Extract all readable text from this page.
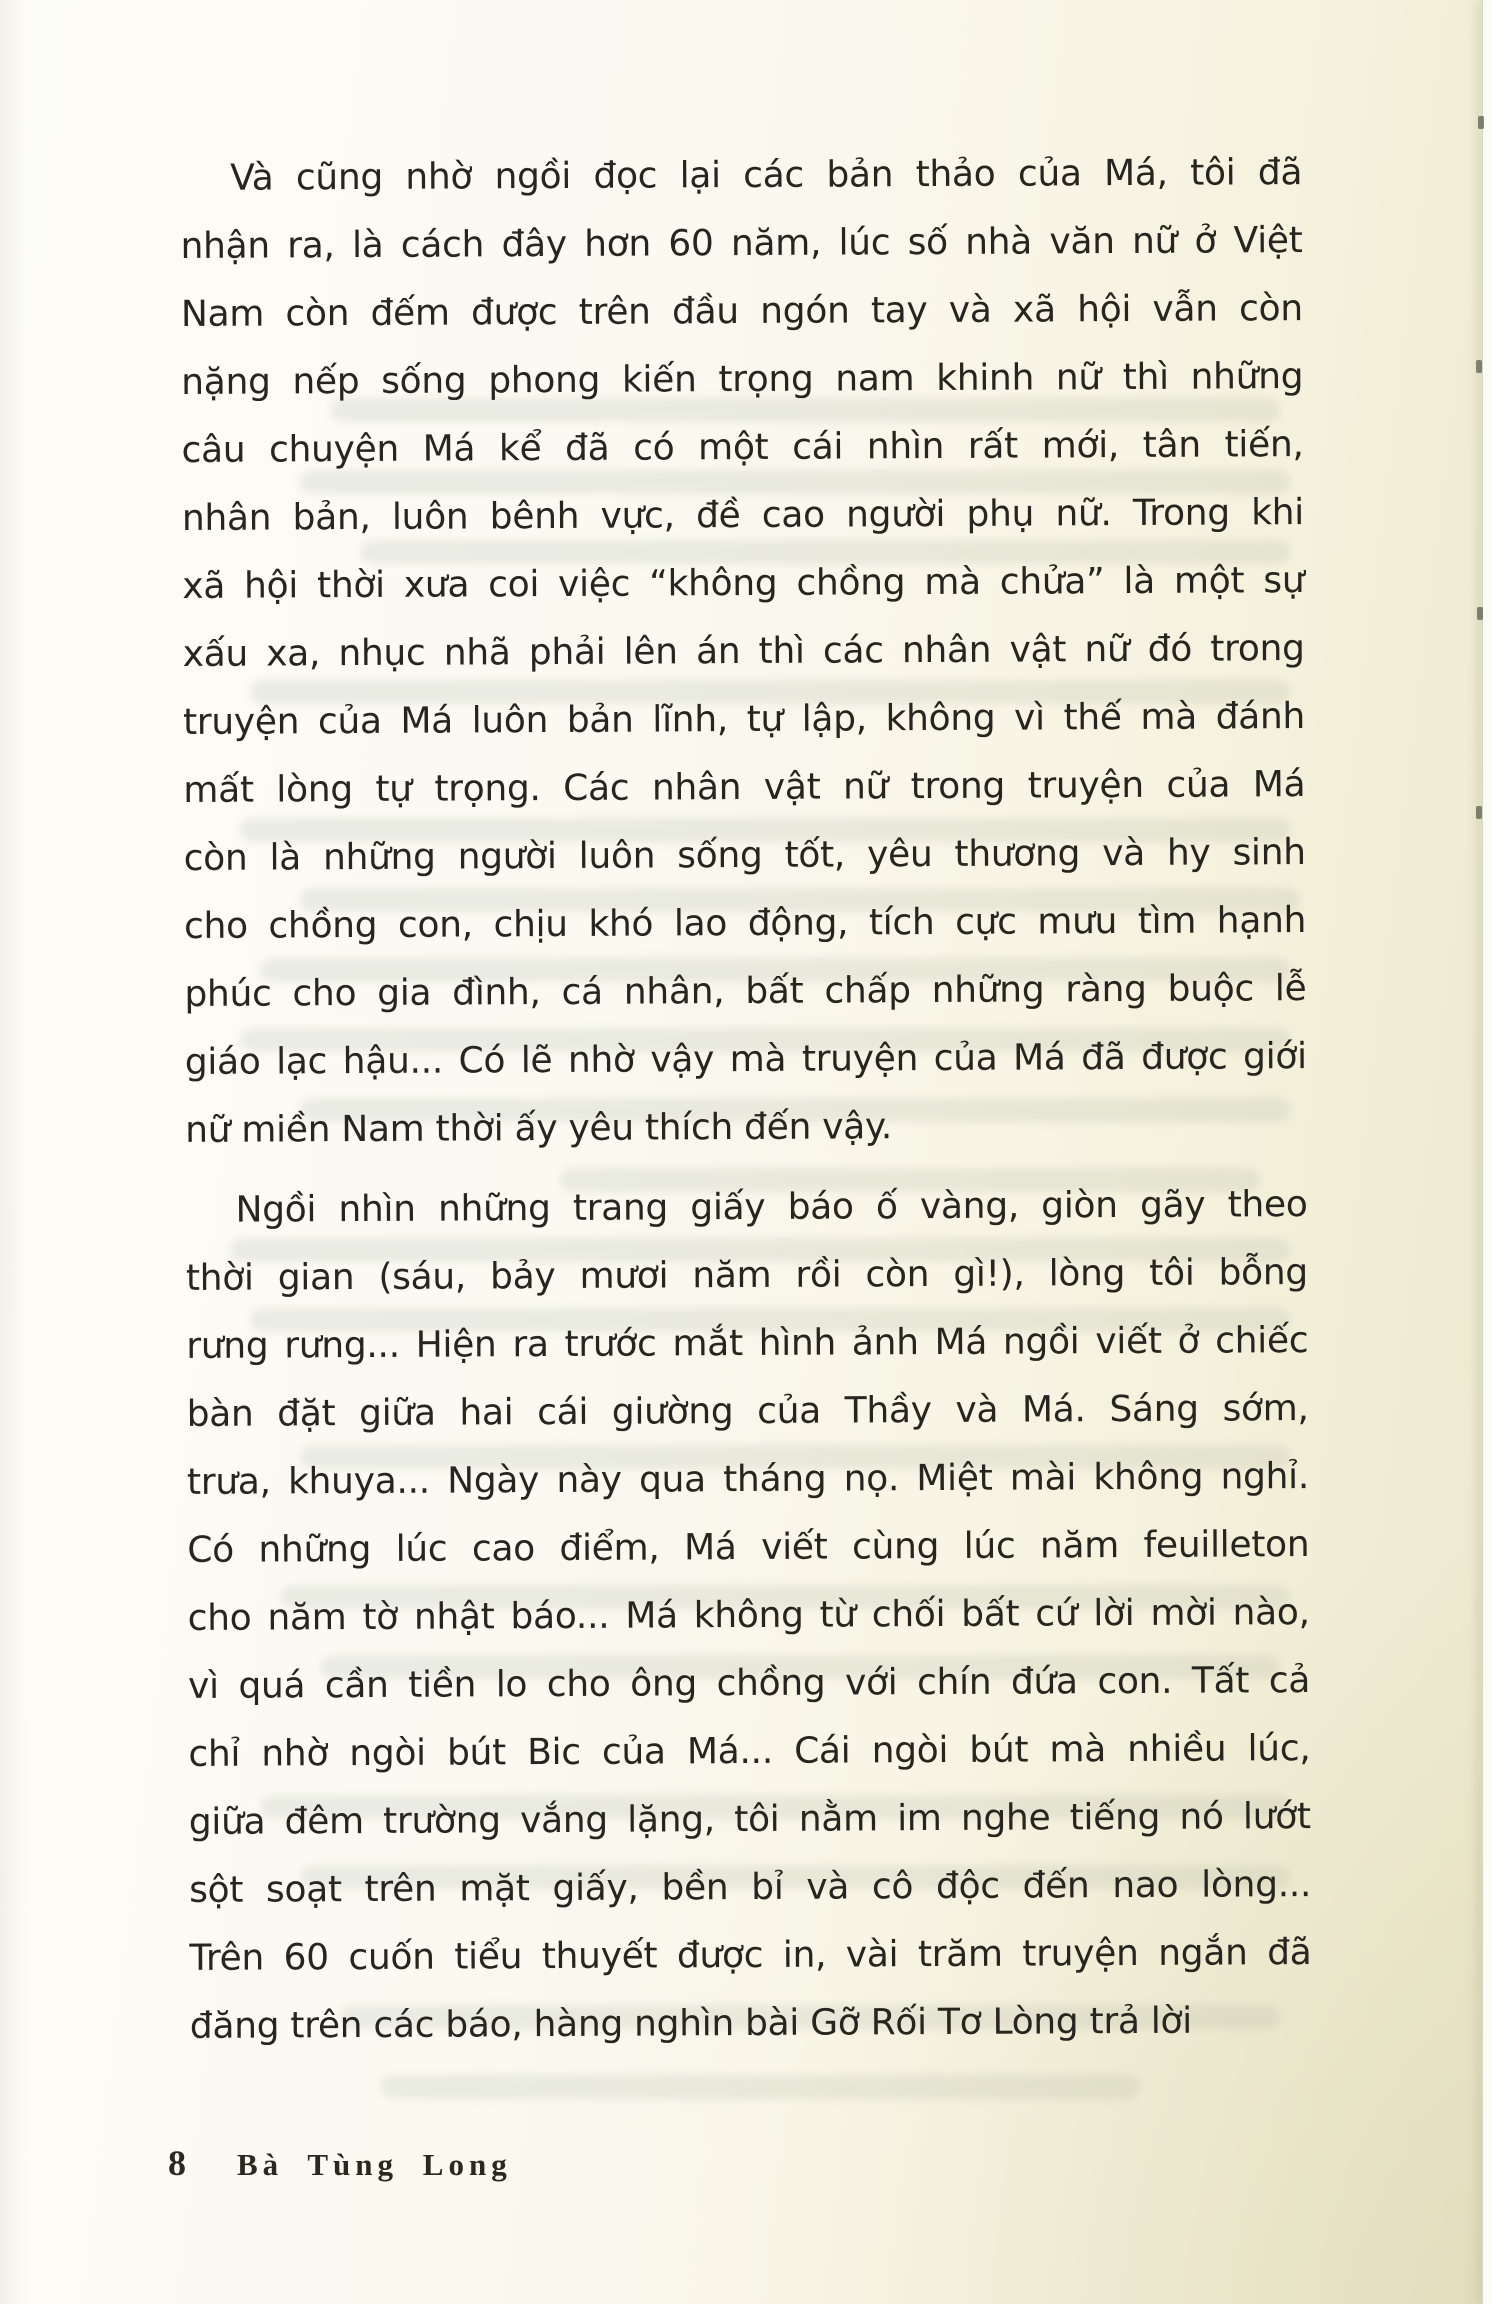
Và cũng nhờ ngồi đọc lại các bản thảo của Má, tôi đã
nhận ra, là cách đây hơn 60 năm, lúc số nhà văn nữ ở Việt
Nam còn đếm được trên đầu ngón tay và xã hội vẫn còn
nặng nếp sống phong kiến trọng nam khinh nữ thì những
câu chuyện Má kể đã có một cái nhìn rất mới, tân tiến,
nhân bản, luôn bênh vực, đề cao người phụ nữ. Trong khi
xã hội thời xưa coi việc “không chồng mà chửa” là một sự
xấu xa, nhục nhã phải lên án thì các nhân vật nữ đó trong
truyện của Má luôn bản lĩnh, tự lập, không vì thế mà đánh
mất lòng tự trọng. Các nhân vật nữ trong truyện của Má
còn là những người luôn sống tốt, yêu thương và hy sinh
cho chồng con, chịu khó lao động, tích cực mưu tìm hạnh
phúc cho gia đình, cá nhân, bất chấp những ràng buộc lễ
giáo lạc hậu... Có lẽ nhờ vậy mà truyện của Má đã được giới
nữ miền Nam thời ấy yêu thích đến vậy.
Ngồi nhìn những trang giấy báo ố vàng, giòn gãy theo
thời gian (sáu, bảy mươi năm rồi còn gì!), lòng tôi bỗng
rưng rưng... Hiện ra trước mắt hình ảnh Má ngồi viết ở chiếc
bàn đặt giữa hai cái giường của Thầy và Má. Sáng sớm,
trưa, khuya... Ngày này qua tháng nọ. Miệt mài không nghỉ.
Có những lúc cao điểm, Má viết cùng lúc năm feuilleton
cho năm tờ nhật báo... Má không từ chối bất cứ lời mời nào,
vì quá cần tiền lo cho ông chồng với chín đứa con. Tất cả
chỉ nhờ ngòi bút Bic của Má... Cái ngòi bút mà nhiều lúc,
giữa đêm trường vắng lặng, tôi nằm im nghe tiếng nó lướt
sột soạt trên mặt giấy, bền bỉ và cô độc đến nao lòng...
Trên 60 cuốn tiểu thuyết được in, vài trăm truyện ngắn đã
đăng trên các báo, hàng nghìn bài Gỡ Rối Tơ Lòng trả lời
8 Bà Tùng Long
